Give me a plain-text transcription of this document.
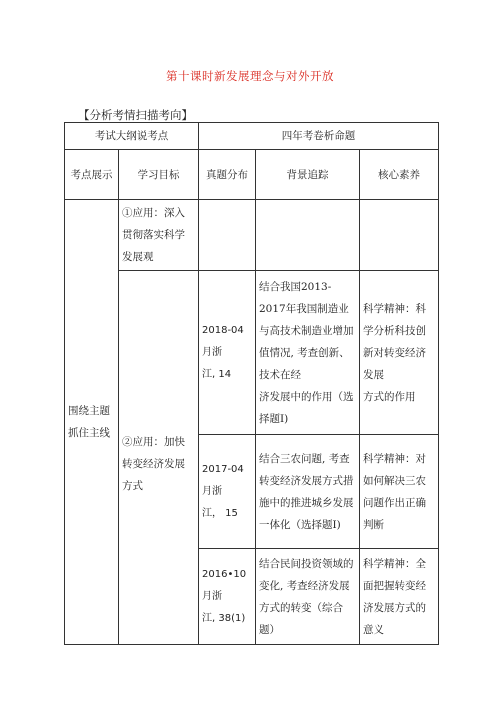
第十课时新发展理念与对外开放
【分析考情扫描考向】
考试大纲说考点		四年考卷析命题		
考点展示	学习目标	真题分布	背景追踪	核心素养
围绕主题抓住主线	①应用：深入贯彻落实科学发展观			
	②应用：加快转变经济发展方式	2018-04
月浙
江, 14	结合我国2013-2017年我国制造业与高技术制造业增加值情况, 考查创新、技术在经
济发展中的作用（选择题I)	科学精神：科学分析科技创新对转变经济发展
方式的作用
		2017-04
月浙
江， 15	结合三农问题, 考查转变经济发展方式措施中的推进城乡发展一体化（选择题I)	科学精神：对如何解决三农问题作出正确判断
		2016•10
月浙
江, 38(1)	结合民间投资领域的变化, 考查经济发展方式的转变（综合题）	科学精神：全面把握转变经济发展方式的意义
